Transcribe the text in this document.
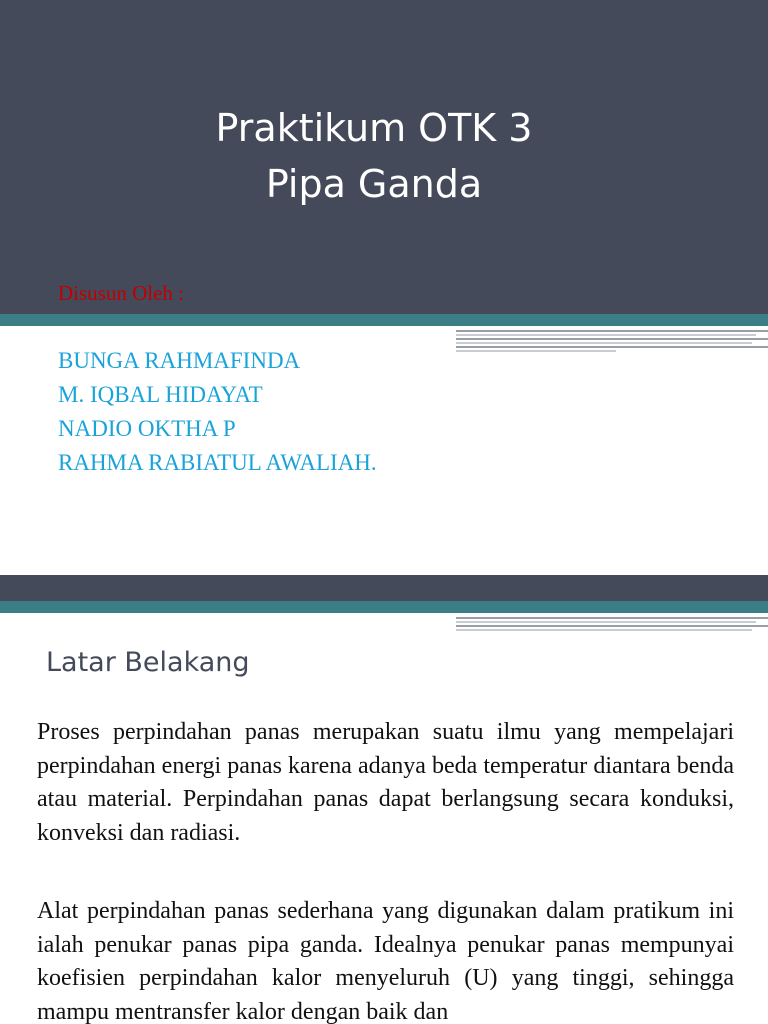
Praktikum OTK 3
Pipa Ganda
Disusun Oleh :
BUNGA RAHMAFINDA
M. IQBAL HIDAYAT
NADIO OKTHA P
RAHMA RABIATUL AWALIAH.
Latar Belakang

Proses perpindahan panas merupakan suatu ilmu yang mempelajari perpindahan energi panas karena adanya beda temperatur diantara benda atau material. Perpindahan panas dapat berlangsung secara konduksi, konveksi dan radiasi.

Alat perpindahan panas sederhana yang digunakan dalam pratikum ini ialah penukar panas pipa ganda. Idealnya penukar panas mempunyai koefisien perpindahan kalor menyeluruh (U) yang tinggi, sehingga mampu mentransfer kalor dengan baik dan
